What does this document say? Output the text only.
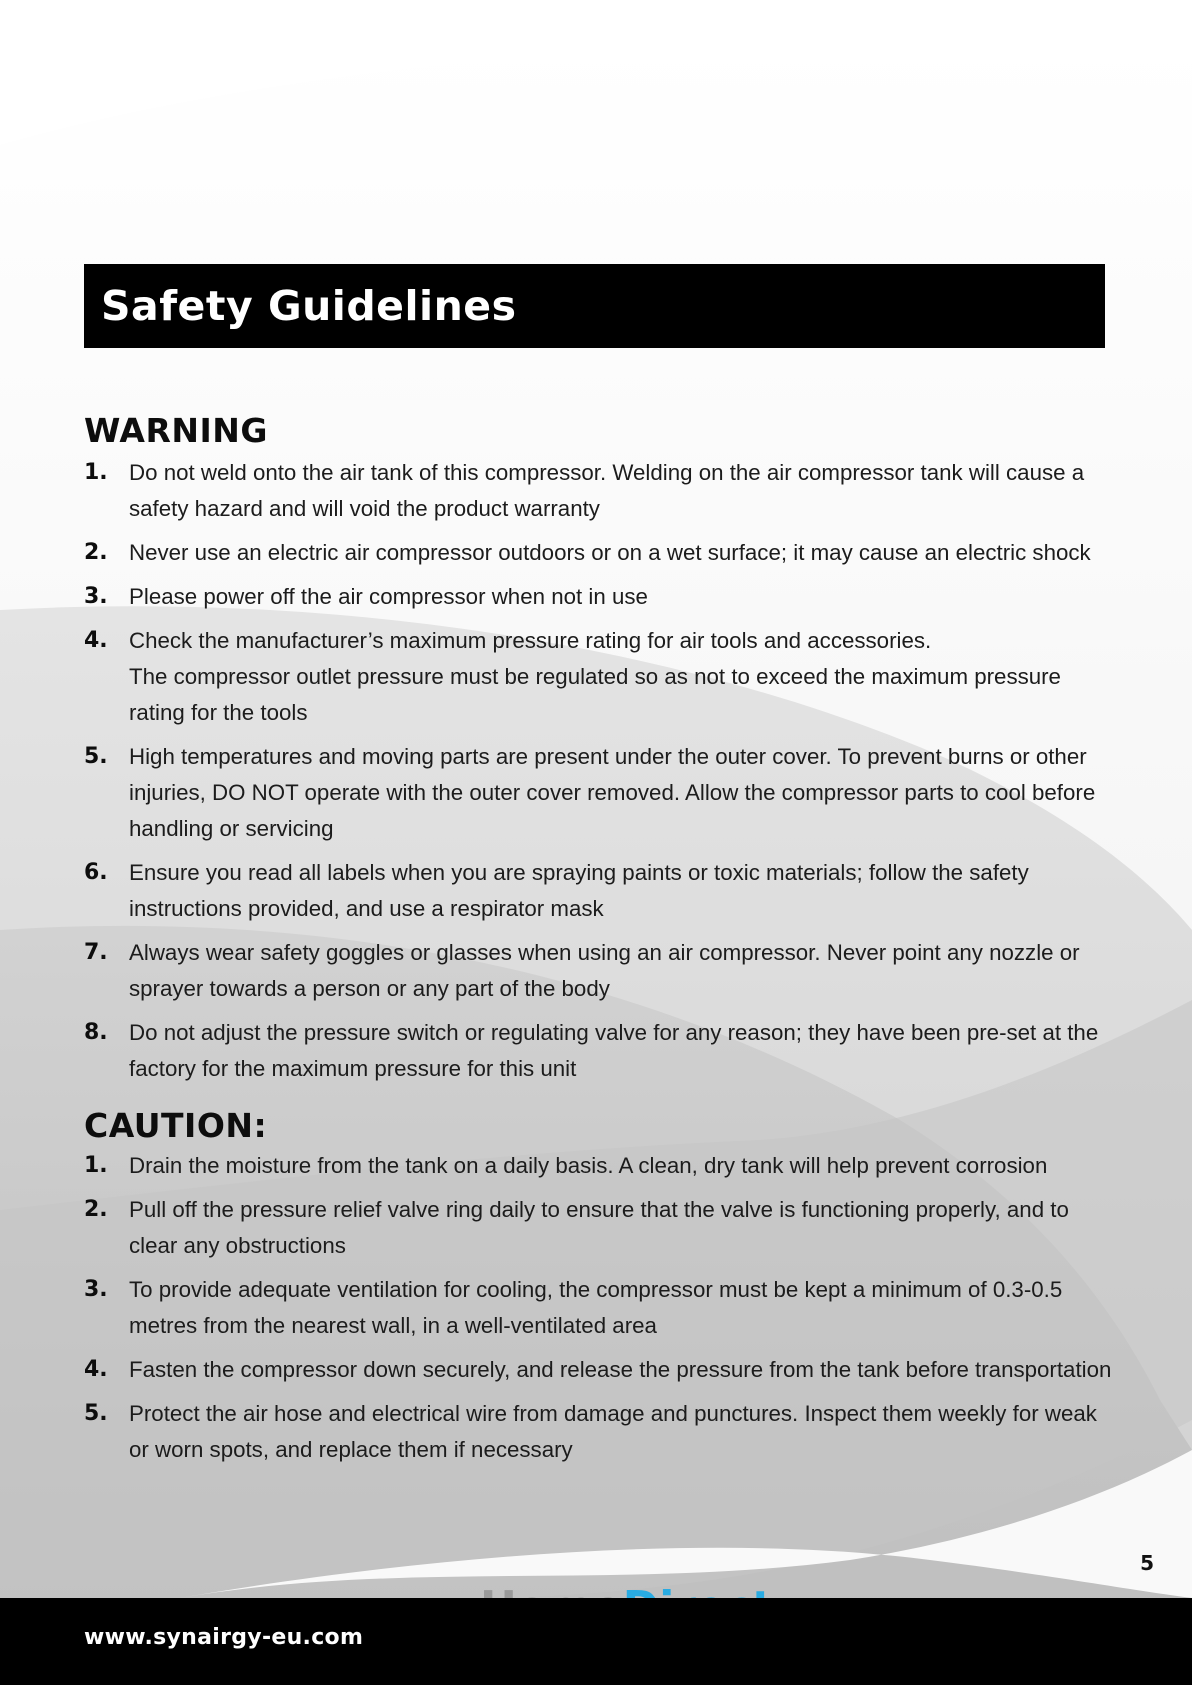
Safety Guidelines
WARNING
1. Do not weld onto the air tank of this compressor. Welding on the air compressor tank will cause a safety hazard and will void the product warranty
2. Never use an electric air compressor outdoors or on a wet surface; it may cause an electric shock
3. Please power off the air compressor when not in use
4. Check the manufacturer’s maximum pressure rating for air tools and accessories.
The compressor outlet pressure must be regulated so as not to exceed the maximum pressure rating for the tools
5. High temperatures and moving parts are present under the outer cover. To prevent burns or other injuries, DO NOT operate with the outer cover removed. Allow the compressor parts to cool before handling or servicing
6. Ensure you read all labels when you are spraying paints or toxic materials; follow the safety instructions provided, and use a respirator mask
7. Always wear safety goggles or glasses when using an air compressor. Never point any nozzle or sprayer towards a person or any part of the body
8. Do not adjust the pressure switch or regulating valve for any reason; they have been pre-set at the factory for the maximum pressure for this unit
CAUTION:
1. Drain the moisture from the tank on a daily basis. A clean, dry tank will help prevent corrosion
2. Pull off the pressure relief valve ring daily to ensure that the valve is functioning properly, and to clear any obstructions
3. To provide adequate ventilation for cooling, the compressor must be kept a minimum of 0.3-0.5 metres from the nearest wall, in a well-ventilated area
4. Fasten the compressor down securely, and release the pressure from the tank before transportation
5. Protect the air hose and electrical wire from damage and punctures. Inspect them weekly for weak or worn spots, and replace them if necessary
5
www.synairgy-eu.com
